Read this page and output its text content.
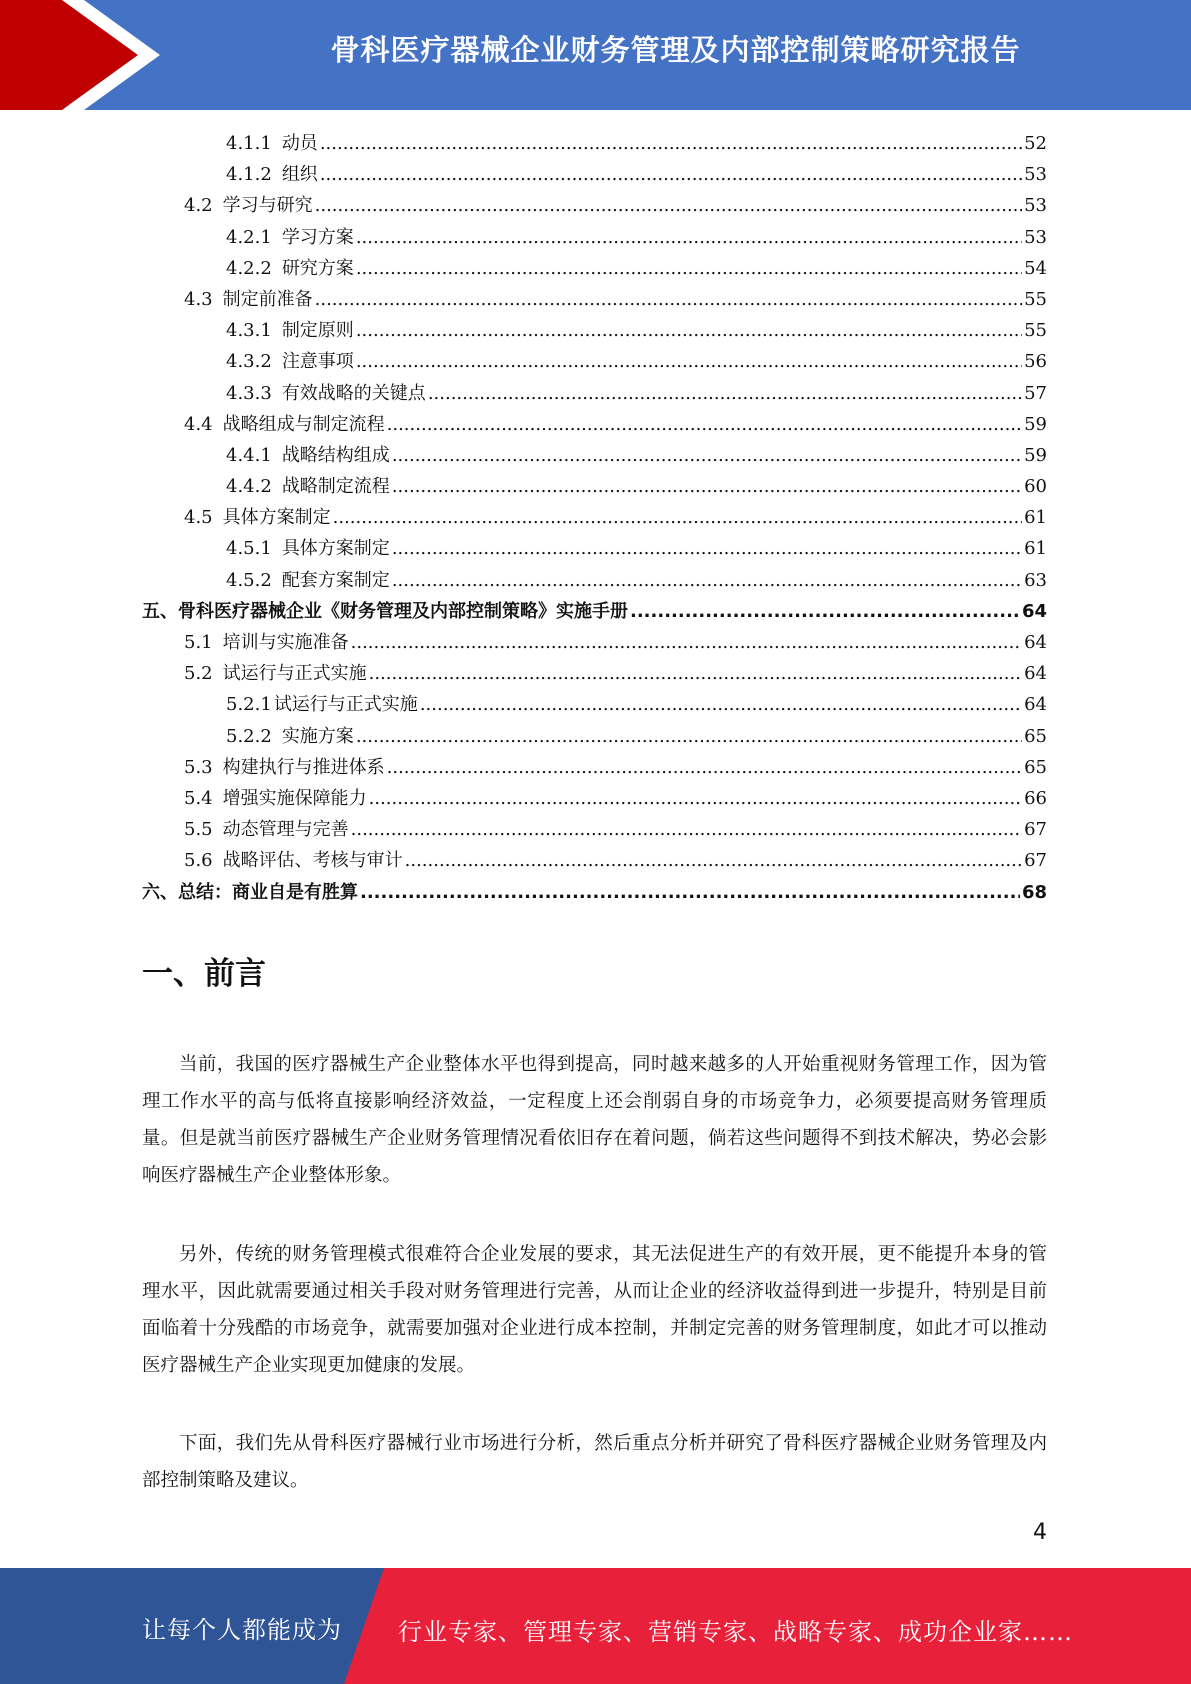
骨科医疗器械企业财务管理及内部控制策略研究报告
4.1.1 动员 .....	52
4.1.2 组织 .....	53
4.2 学习与研究 .....	53
4.2.1 学习方案 .....	53
4.2.2 研究方案 .....	54
4.3 制定前准备 .....	55
4.3.1 制定原则 .....	55
4.3.2 注意事项 .....	56
4.3.3 有效战略的关键点 .....	57
4.4 战略组成与制定流程 .....	59
4.4.1 战略结构组成 .....	59
4.4.2 战略制定流程 .....	60
4.5 具体方案制定 .....	61
4.5.1 具体方案制定 .....	61
4.5.2 配套方案制定 .....	63
五、 骨科医疗器械企业《财务管理及内部控制策略》实施手册 .....	64
5.1 培训与实施准备 .....	64
5.2 试运行与正式实施 .....	64
5.2.1 试运行与正式实施 .....	64
5.2.2 实施方案 .....	65
5.3 构建执行与推进体系 .....	65
5.4 增强实施保障能力 .....	66
5.5 动态管理与完善 .....	67
5.6 战略评估、考核与审计 .....	67
六、 总结：商业自是有胜算 .....	68
一、前言

当前，我国的医疗器械生产企业整体水平也得到提高，同时越来越多的人开始重视财务管理工作，因为管理工作水平的高与低将直接影响经济效益，一定程度上还会削弱自身的市场竞争力，必须要提高财务管理质量。但是就当前医疗器械生产企业财务管理情况看依旧存在着问题，倘若这些问题得不到技术解决，势必会影响医疗器械生产企业整体形象。

另外，传统的财务管理模式很难符合企业发展的要求，其无法促进生产的有效开展，更不能提升本身的管理水平，因此就需要通过相关手段对财务管理进行完善，从而让企业的经济收益得到进一步提升，特别是目前面临着十分残酷的市场竞争，就需要加强对企业进行成本控制，并制定完善的财务管理制度，如此才可以推动医疗器械生产企业实现更加健康的发展。

下面，我们先从骨科医疗器械行业市场进行分析，然后重点分析并研究了骨科医疗器械企业财务管理及内部控制策略及建议。

4
让每个人都能成为 行业专家、管理专家、营销专家、战略专家、成功企业家……
